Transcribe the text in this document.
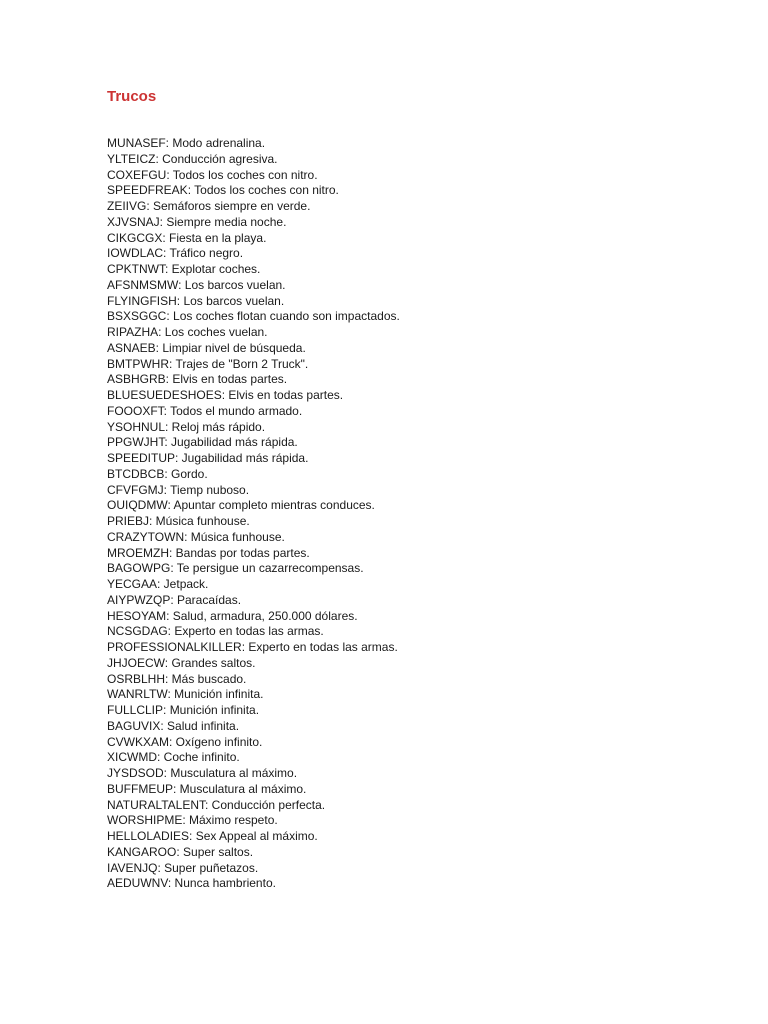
Trucos
MUNASEF: Modo adrenalina.
YLTEICZ: Conducción agresiva.
COXEFGU: Todos los coches con nitro.
SPEEDFREAK: Todos los coches con nitro.
ZEIIVG: Semáforos siempre en verde.
XJVSNAJ: Siempre media noche.
CIKGCGX: Fiesta en la playa.
IOWDLAC: Tráfico negro.
CPKTNWT: Explotar coches.
AFSNMSMW: Los barcos vuelan.
FLYINGFISH: Los barcos vuelan.
BSXSGGC: Los coches flotan cuando son impactados.
RIPAZHA: Los coches vuelan.
ASNAEB: Limpiar nivel de búsqueda.
BMTPWHR: Trajes de "Born 2 Truck".
ASBHGRB: Elvis en todas partes.
BLUESUEDESHOES: Elvis en todas partes.
FOOOXFT: Todos el mundo armado.
YSOHNUL: Reloj más rápido.
PPGWJHT: Jugabilidad más rápida.
SPEEDITUP: Jugabilidad más rápida.
BTCDBCB: Gordo.
CFVFGMJ: Tiemp nuboso.
OUIQDMW: Apuntar completo mientras conduces.
PRIEBJ: Música funhouse.
CRAZYTOWN: Música funhouse.
MROEMZH: Bandas por todas partes.
BAGOWPG: Te persigue un cazarrecompensas.
YECGAA: Jetpack.
AIYPWZQP: Paracaídas.
HESOYAM: Salud, armadura, 250.000 dólares.
NCSGDAG: Experto en todas las armas.
PROFESSIONALKILLER: Experto en todas las armas.
JHJOECW: Grandes saltos.
OSRBLHH: Más buscado.
WANRLTW: Munición infinita.
FULLCLIP: Munición infinita.
BAGUVIX: Salud infinita.
CVWKXAM: Oxígeno infinito.
XICWMD: Coche infinito.
JYSDSOD: Musculatura al máximo.
BUFFMEUP: Musculatura al máximo.
NATURALTALENT: Conducción perfecta.
WORSHIPME: Máximo respeto.
HELLOLADIES: Sex Appeal al máximo.
KANGAROO: Super saltos.
IAVENJQ: Super puñetazos.
AEDUWNV: Nunca hambriento.
